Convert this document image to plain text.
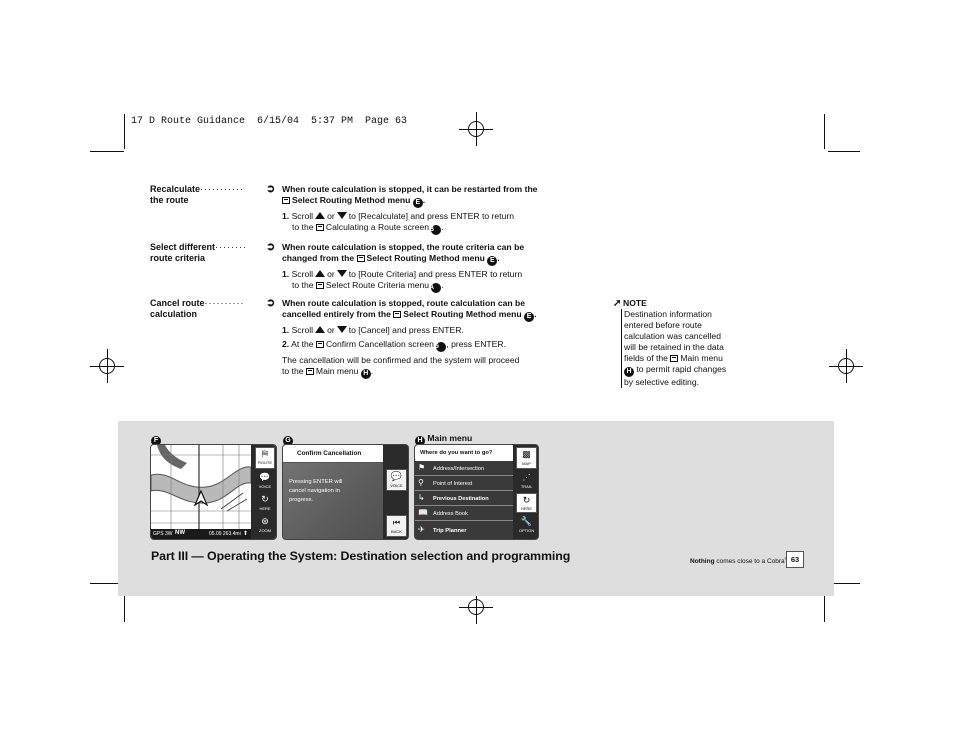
17 D Route Guidance  6/15/04  5:37 PM  Page 63
Recalculate···········
the route
➲ When route calculation is stopped, it can be restarted from the
Select Routing Method menu E .

1. Scroll or to [Recalculate] and press ENTER to return
to the Calculating a Route screen B .

Select different········
route criteria
➲ When route calculation is stopped, the route criteria can be
changed from the Select Routing Method menu E .

1. Scroll or to [Route Criteria] and press ENTER to return
to the Select Route Criteria menu A .

Cancel route··········
calculation
➲ When route calculation is stopped, route calculation can be
cancelled entirely from the Select Routing Method menu E .

1. Scroll or to [Cancel] and press ENTER.

2. At the Confirm Cancellation screen G , press ENTER.

The cancellation will be confirmed and the system will proceed
to the Main menu H .

➚ NOTE
Destination information
entered before route
calculation was cancelled
will be retained in the data
fields of the Main menu
H to permit rapid changes
by selective editing.
F	G	H Main menu
GPS 3W NW	05.09 263.4mi ⬆
⛿
ROUTE
💬
VOICE
↻
HERE
⊛
ZOOM
Confirm Cancellation
Pressing ENTER will
cancel navigation in
progress.
💬
VOICE
⏮
BACK
Where do you want to go?
⚑ Address/Intersection
⚲ Point of Interest
↳ Previous Destination
📖 Address Book
✈ Trip Planner
▩
MAP
⋰
TRAIL
↻
HERE
🔧
OPTION
Part III — Operating the System: Destination selection and programming	Nothing comes close to a Cobra 63
